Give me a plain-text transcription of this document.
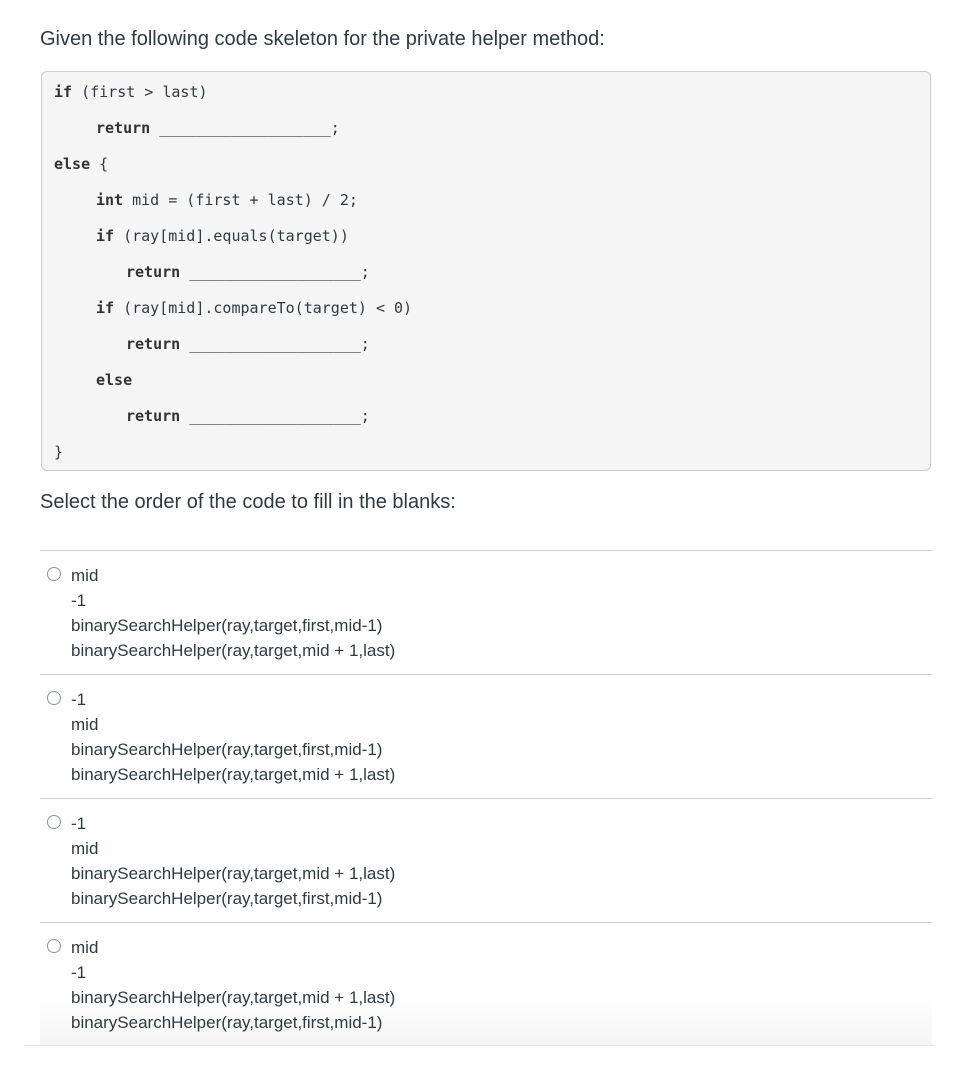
Given the following code skeleton for the private helper method:
if (first > last)
return ___________________;
else {
int mid = (first + last) / 2;
if (ray[mid].equals(target))
return ___________________;
if (ray[mid].compareTo(target) < 0)
return ___________________;
else
return ___________________;
}
Select the order of the code to fill in the blanks:
mid
-1
binarySearchHelper(ray,target,first,mid-1)
binarySearchHelper(ray,target,mid + 1,last)
-1
mid
binarySearchHelper(ray,target,first,mid-1)
binarySearchHelper(ray,target,mid + 1,last)
-1
mid
binarySearchHelper(ray,target,mid + 1,last)
binarySearchHelper(ray,target,first,mid-1)
mid
-1
binarySearchHelper(ray,target,mid + 1,last)
binarySearchHelper(ray,target,first,mid-1)
